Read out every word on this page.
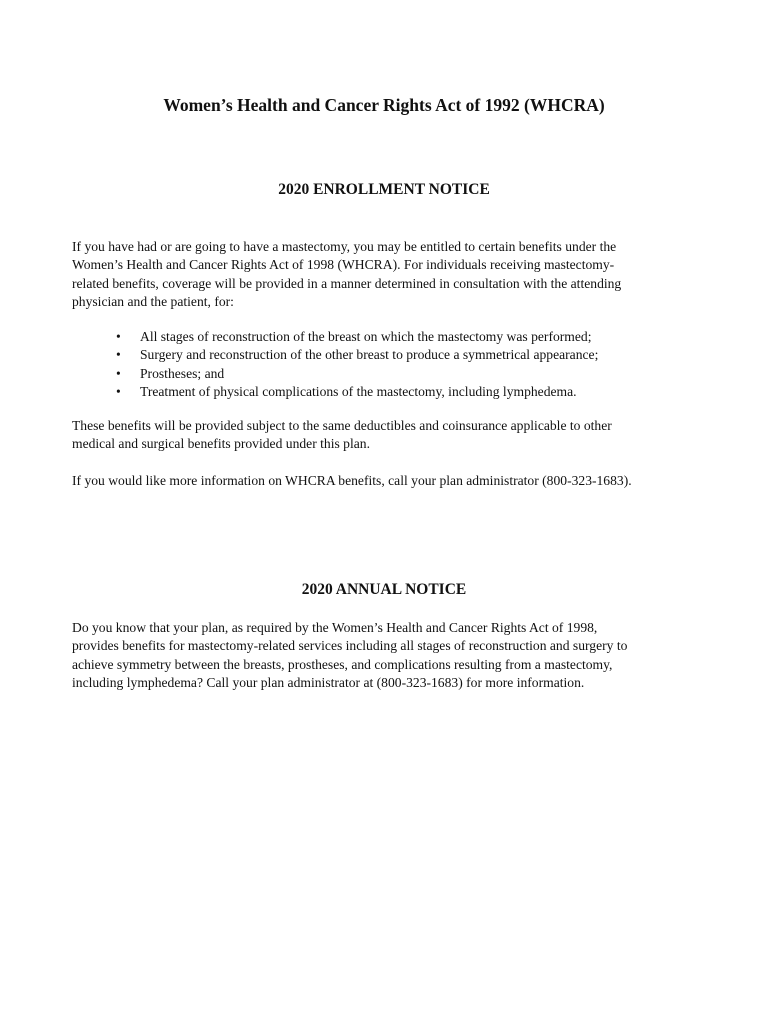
Women’s Health and Cancer Rights Act of 1992 (WHCRA)
2020 ENROLLMENT NOTICE

If you have had or are going to have a mastectomy, you may be entitled to certain benefits under the
Women’s Health and Cancer Rights Act of 1998 (WHCRA). For individuals receiving mastectomy-
related benefits, coverage will be provided in a manner determined in consultation with the attending
physician and the patient, for:

• All stages of reconstruction of the breast on which the mastectomy was performed;
• Surgery and reconstruction of the other breast to produce a symmetrical appearance;
• Prostheses; and
• Treatment of physical complications of the mastectomy, including lymphedema.

These benefits will be provided subject to the same deductibles and coinsurance applicable to other
medical and surgical benefits provided under this plan.

If you would like more information on WHCRA benefits, call your plan administrator (800-323-1683).

2020 ANNUAL NOTICE

Do you know that your plan, as required by the Women’s Health and Cancer Rights Act of 1998,
provides benefits for mastectomy-related services including all stages of reconstruction and surgery to
achieve symmetry between the breasts, prostheses, and complications resulting from a mastectomy,
including lymphedema? Call your plan administrator at (800-323-1683) for more information.
